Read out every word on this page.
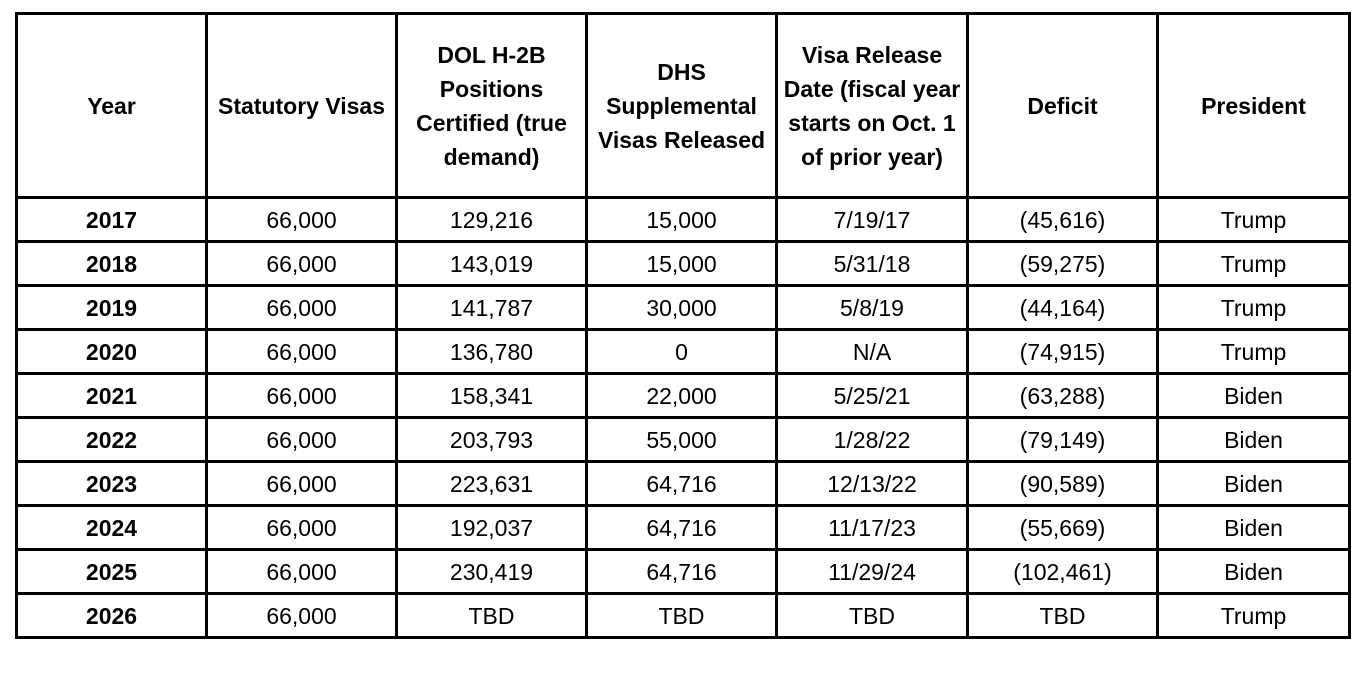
Year	Statutory Visas	DOL H-2B Positions Certified (true demand)	DHS Supplemental Visas Released	Visa Release Date (fiscal year starts on Oct. 1 of prior year)	Deficit	President
2017	66,000	129,216	15,000	7/19/17	(45,616)	Trump
2018	66,000	143,019	15,000	5/31/18	(59,275)	Trump
2019	66,000	141,787	30,000	5/8/19	(44,164)	Trump
2020	66,000	136,780	0	N/A	(74,915)	Trump
2021	66,000	158,341	22,000	5/25/21	(63,288)	Biden
2022	66,000	203,793	55,000	1/28/22	(79,149)	Biden
2023	66,000	223,631	64,716	12/13/22	(90,589)	Biden
2024	66,000	192,037	64,716	11/17/23	(55,669)	Biden
2025	66,000	230,419	64,716	11/29/24	(102,461)	Biden
2026	66,000	TBD	TBD	TBD	TBD	Trump
